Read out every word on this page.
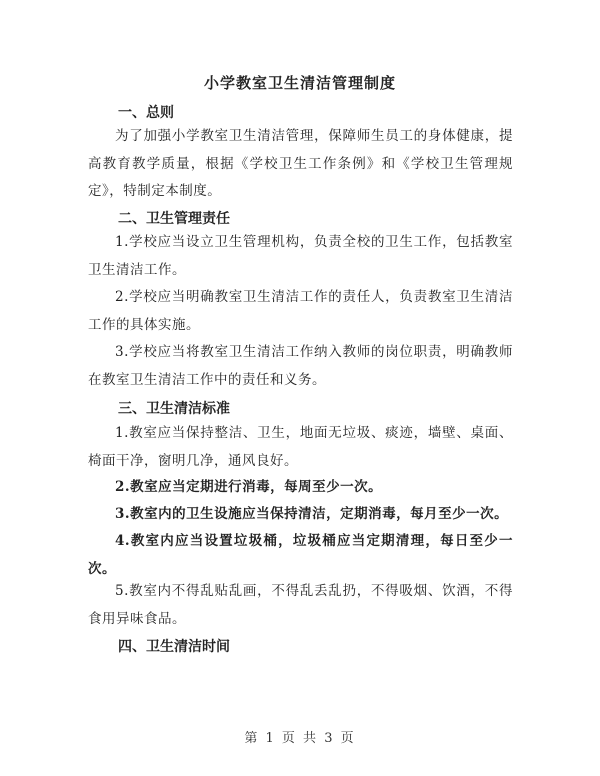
小学教室卫生清洁管理制度
一、总则
为了加强小学教室卫生清洁管理，保障师生员工的身体健康，提高教育教学质量，根据《学校卫生工作条例》和《学校卫生管理规定》，特制定本制度。
二、卫生管理责任
1.学校应当设立卫生管理机构，负责全校的卫生工作，包括教室卫生清洁工作。
2.学校应当明确教室卫生清洁工作的责任人，负责教室卫生清洁工作的具体实施。
3.学校应当将教室卫生清洁工作纳入教师的岗位职责，明确教师在教室卫生清洁工作中的责任和义务。
三、卫生清洁标准
1.教室应当保持整洁、卫生，地面无垃圾、痰迹，墙壁、桌面、椅面干净，窗明几净，通风良好。
2.教室应当定期进行消毒，每周至少一次。
3.教室内的卫生设施应当保持清洁，定期消毒，每月至少一次。
4.教室内应当设置垃圾桶，垃圾桶应当定期清理，每日至少一次。
5.教室内不得乱贴乱画，不得乱丢乱扔，不得吸烟、饮酒，不得食用异味食品。
四、卫生清洁时间
第 1 页 共 3 页
